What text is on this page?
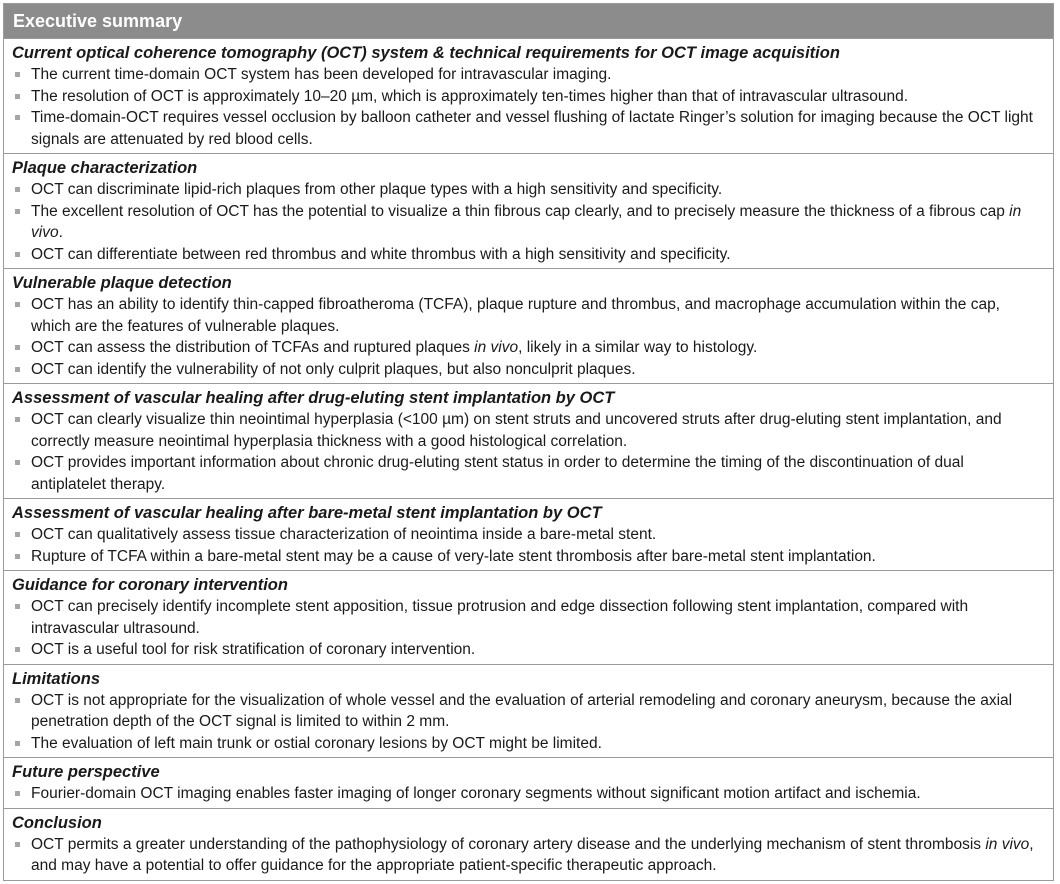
Executive summary
Current optical coherence tomography (OCT) system & technical requirements for OCT image acquisition
The current time-domain OCT system has been developed for intravascular imaging.
The resolution of OCT is approximately 10–20 µm, which is approximately ten-times higher than that of intravascular ultrasound.
Time-domain-OCT requires vessel occlusion by balloon catheter and vessel flushing of lactate Ringer’s solution for imaging because the OCT light signals are attenuated by red blood cells.
Plaque characterization
OCT can discriminate lipid-rich plaques from other plaque types with a high sensitivity and specificity.
The excellent resolution of OCT has the potential to visualize a thin fibrous cap clearly, and to precisely measure the thickness of a fibrous cap in vivo.
OCT can differentiate between red thrombus and white thrombus with a high sensitivity and specificity.
Vulnerable plaque detection
OCT has an ability to identify thin-capped fibroatheroma (TCFA), plaque rupture and thrombus, and macrophage accumulation within the cap, which are the features of vulnerable plaques.
OCT can assess the distribution of TCFAs and ruptured plaques in vivo, likely in a similar way to histology.
OCT can identify the vulnerability of not only culprit plaques, but also nonculprit plaques.
Assessment of vascular healing after drug-eluting stent implantation by OCT
OCT can clearly visualize thin neointimal hyperplasia (<100 µm) on stent struts and uncovered struts after drug-eluting stent implantation, and correctly measure neointimal hyperplasia thickness with a good histological correlation.
OCT provides important information about chronic drug-eluting stent status in order to determine the timing of the discontinuation of dual antiplatelet therapy.
Assessment of vascular healing after bare-metal stent implantation by OCT
OCT can qualitatively assess tissue characterization of neointima inside a bare-metal stent.
Rupture of TCFA within a bare-metal stent may be a cause of very-late stent thrombosis after bare-metal stent implantation.
Guidance for coronary intervention
OCT can precisely identify incomplete stent apposition, tissue protrusion and edge dissection following stent implantation, compared with intravascular ultrasound.
OCT is a useful tool for risk stratification of coronary intervention.
Limitations
OCT is not appropriate for the visualization of whole vessel and the evaluation of arterial remodeling and coronary aneurysm, because the axial penetration depth of the OCT signal is limited to within 2 mm.
The evaluation of left main trunk or ostial coronary lesions by OCT might be limited.
Future perspective
Fourier-domain OCT imaging enables faster imaging of longer coronary segments without significant motion artifact and ischemia.
Conclusion
OCT permits a greater understanding of the pathophysiology of coronary artery disease and the underlying mechanism of stent thrombosis in vivo, and may have a potential to offer guidance for the appropriate patient-specific therapeutic approach.
